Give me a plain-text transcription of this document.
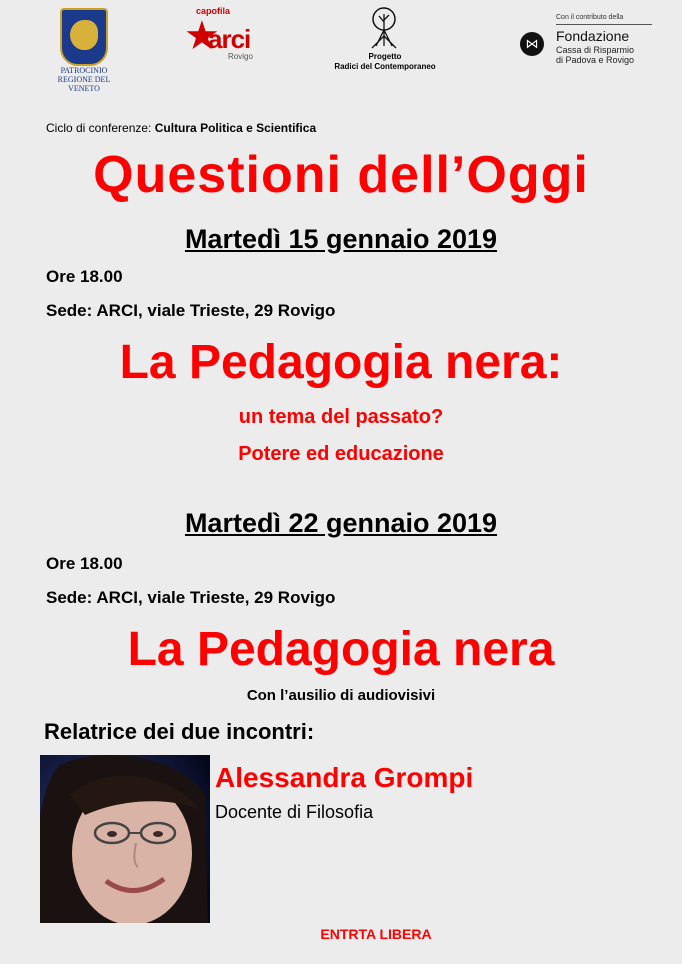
PATROCINIO
REGIONE DEL VENETO
capofila
★
arci
Rovigo	Progetto
Radici del Contemporaneo
Con il contributo della
⋈	Fondazione
Cassa di Risparmio
di Padova e Rovigo
Ciclo di conferenze: Cultura Politica e Scientifica
Questioni dell’Oggi
Martedì 15 gennaio 2019
Ore 18.00
Sede: ARCI, viale Trieste, 29 Rovigo
La Pedagogia nera:
un tema del passato?
Potere ed educazione
Martedì 22 gennaio 2019
Ore 18.00
Sede: ARCI, viale Trieste, 29 Rovigo
La Pedagogia nera
Con l’ausilio di audiovisivi
Relatrice dei due incontri:
Alessandra Grompi
Docente di Filosofia
ENTRTA LIBERA
